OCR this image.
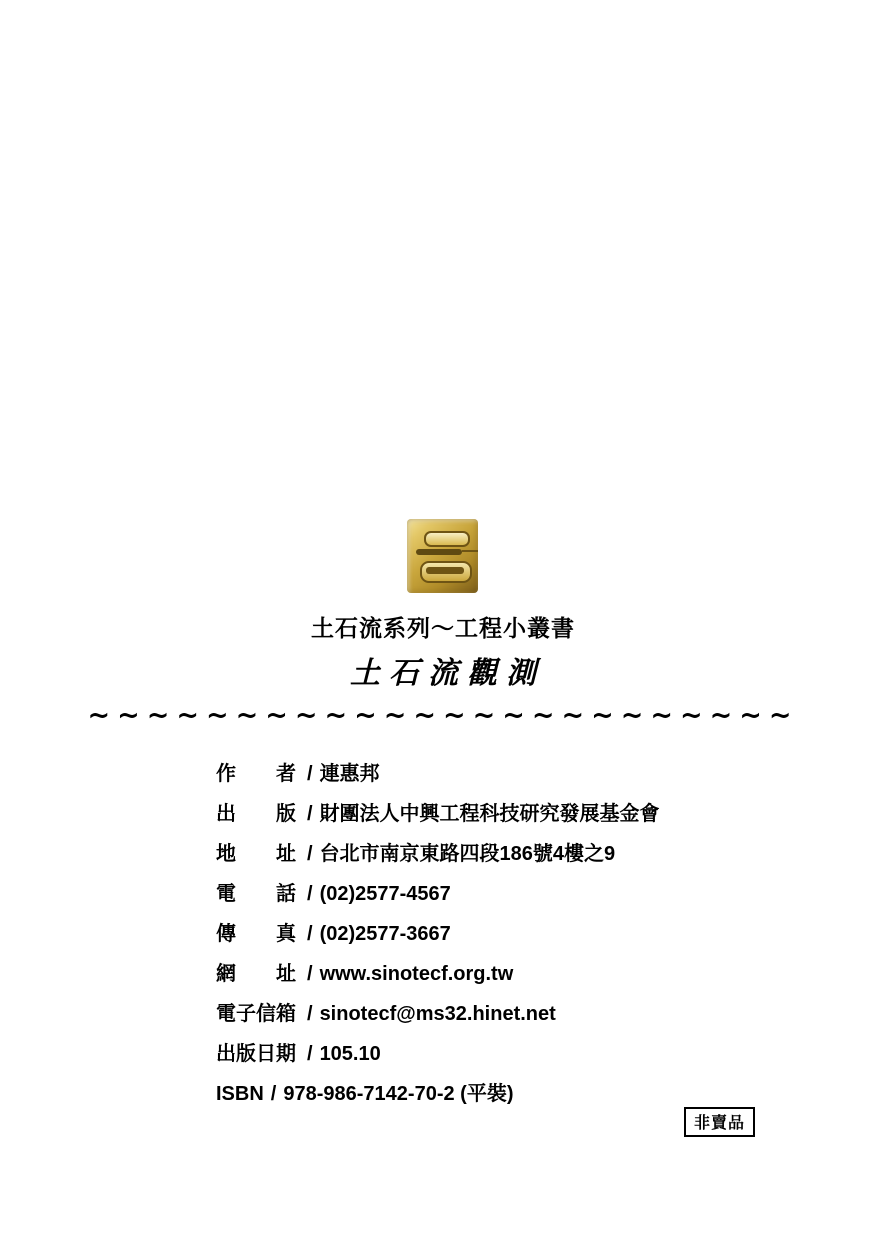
土石流系列～工程小叢書
土石流觀測
~~~~~~~~~~~~~~~~~~~~~~~~
作　　者 / 連惠邦
出　　版 / 財團法人中興工程科技研究發展基金會
地　　址 / 台北市南京東路四段186號4樓之9
電　　話 / (02)2577-4567
傳　　真 / (02)2577-3667
網　　址 / www.sinotecf.org.tw
電子信箱 / sinotecf@ms32.hinet.net
出版日期 / 105.10
ISBN / 978-986-7142-70-2 (平裝)
非賣品
